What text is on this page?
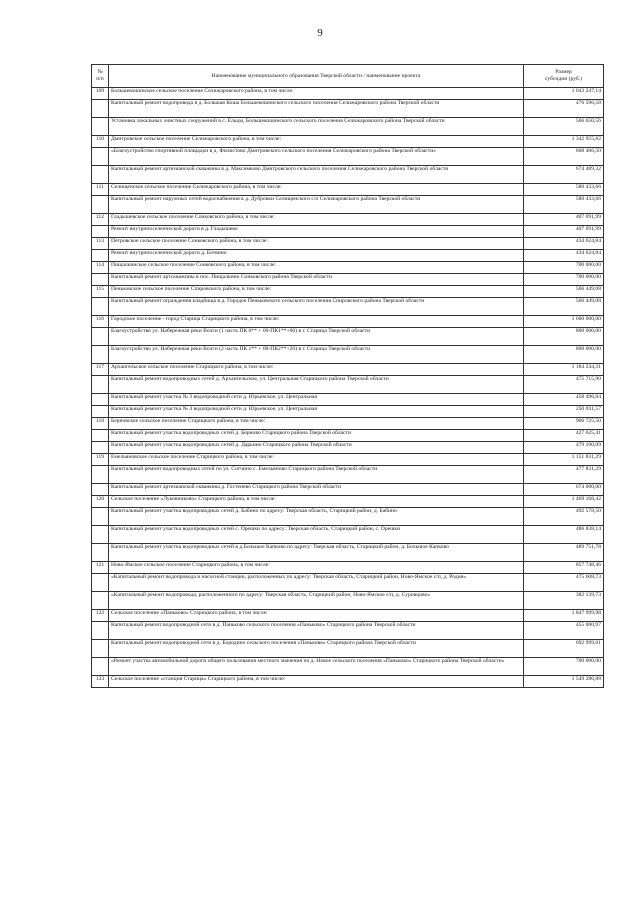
9
№
п/п	Наименование муниципального образования Тверской области / наименование проекта	Размер
субсидии (руб.)
109	Большекошинское сельское поселение Селижаровского района, в том числе:	1 043 247,14
	Капитальный ремонт водопровода в д. Большая Коша Большекошинского сельского поселения Селижаровского района Тверской области	476 596,58
	Установка локальных очистных сооружений в с. Ельцы, Большекошинского сельского поселения Селижаровского района Тверской области	566 650,56
110	Дмитровское сельское поселение Селижаровского района, в том числе:	1 342 955,82
	«Благоустройство спортивной площадки в д. Филистово Дмитровского сельского поселения Селижаровского района Тверской области»	668 466,50
	Капитальный ремонт артезианской скважины в д. Максимково Дмитровского сельского поселения Селижаровского района Тверской области	674 489,32
111	Селищенское сельское поселение Селижаровского района, в том числе:	580 433,66
	Капитальный ремонт наружных сетей водоснабжения в д. Дубровки Селищенского с/п Селижаровского района Тверской области	580 433,66
112	Гладышевское сельское поселение Сонковского района, в том числе:	407 091,99
	Ремонт внутрипоселенческой дороги в д. Гладышево	407 091,99
113	Петровское сельское поселение Сонковского района, в том числе:	434 624,84
	Ремонт внутрипоселенческой дороги д. Ботвино	434 624,84
114	Пищалкинское сельское поселение Сонковского района, в том числе:	700 000,00
	Капитальный ремонт артскважины в пос. Пищалкино Сонковского района Тверской области	700 000,00
115	Пеньковское сельское поселение Спировского района, в том числе:	566 449,08
	Капитальный ремонт ограждения кладбища в д. Городок Пеньковского сельского поселения Спировского района Тверской области	566 449,08
116	Городское поселение - город Старица Старицкого района, в том числе:	1 600 000,00
	Благоустройство ул. Набережная реки Волги (1 часть ПК 0** + 00-ПК1**+00) в г. Старица Тверской области	800 000,00
	Благоустройство ул. Набережная реки Волги (2 часть ПК 1** + 00-ПК2**+20) в г. Старица Тверской области	800 000,00
117	Архангельское сельское поселение Старицкого района, в том числе:	1 184 244,31
	Капитальный ремонт водопроводных сетей д. Архангельское, ул. Центральная Старицкого района Тверской области	475 715,90
	Капитальный ремонт участка № 3 водопроводной сети д. Юрьевское, ул. Центральная	458 496,84
	Капитальный ремонт участка № 4 водопроводной сети д. Юрьевское, ул. Центральная	250 031,57
118	Берновское сельское поселение Старицкого района, в том числе:	906 725,50
	Капитальный ремонт участка водопроводных сетей д. Берново Старицкого района Тверской области	427 625,41
	Капитальный ремонт участка водопроводных сетей д. Дарьино Старицкого района Тверской области	479 100,09
119	Емельяновское сельское поселение Старицкого района, в том числе:	1 151 831,29
	Капитальный ремонт водопроводных сетей по ул. Сотчино с. Емельяново Старицкого района Тверской области	477 831,29
	Капитальный ремонт артезианской скважины д. Гостенево Старицкого района Тверской области	674 000,00
120	Сельское поселение «Луковниково» Старицкого района, в том числе:	1 469 168,42
	Капитальный ремонт участка водопроводных сетей д. Бабино по адресу: Тверская область, Старицкий район, д. Бабино	492 578,50
	Капитальный ремонт участка водопроводных сетей с. Орешки по адресу: Тверская область, Старицкий район, с. Орешки	486 838,14
	Капитальный ремонт участка водопроводных сетей в д.Большое Капково по адресу: Тверская область, Старицкий район, д. Большое Капково	489 751,78
121	Ново-Ямское сельское поселение Старицкого района, в том числе:	857 748,46
	«Капитальный ремонт водопровода и насосной станции, расположенных по адресу: Тверская область, Старицкий район, Ново-Ямское с/п, д. Родня»	475 608,73
	«Капитальный ремонт водопровода, расположенного по адресу: Тверская область, Старицкий район, Ново-Ямское с/п, д. Суровцово»	382 139,73
122	Сельское поселение «Паньково» Старицкого района, в том числе:	1 847 999,98
	Капитальный ремонт водопроводной сети в д. Паньково сельского поселения «Паньково» Старицкого района Тверской области	455 000,97
	Капитальный ремонт водопроводной сети в д. Бородино сельского поселения «Паньково» Старицкого района Тверской области	692 999,01
	«Ремонт участка автомобильной дороги общего пользования местного значения по д. Новое сельского поселения «Паньково» Старицкого района Тверской области»	700 000,00
123	Сельское поселение «станция Старица» Старицкого района, в том числе:	1 549 280,88
